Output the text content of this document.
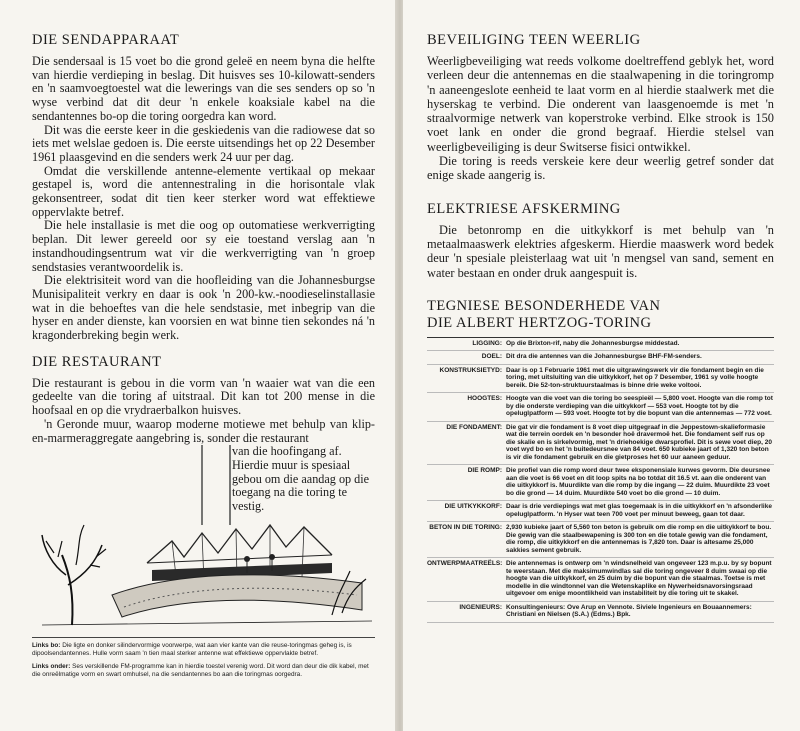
DIE SENDAPPARAAT

Die sendersaal is 15 voet bo die grond geleë en neem byna die helfte van hierdie verdieping in beslag. Dit huisves ses 10-kilowatt-senders en 'n saamvoegtoestel wat die lewerings van die ses senders op so 'n wyse verbind dat dit deur 'n enkele koaksiale kabel na die sendantennes bo-op die toring oorgedra kan word.

Dit was die eerste keer in die geskiedenis van die radiowese dat so iets met welslae gedoen is. Die eerste uitsendings het op 22 Desember 1961 plaasgevind en die senders werk 24 uur per dag.

Omdat die verskillende antenne-elemente vertikaal op mekaar gestapel is, word die antennestraling in die horisontale vlak gekonsentreer, sodat dit tien keer sterker word wat effektiewe oppervlakte betref.

Die hele installasie is met die oog op outomatiese werkverrigting beplan. Dit lewer gereeld oor sy eie toestand verslag aan 'n instandhoudingsentrum wat vir die werkverrigting van 'n groep sendstasies verantwoordelik is.

Die elektrisiteit word van die hoofleiding van die Johannesburgse Munisipaliteit verkry en daar is ook 'n 200-kw.-noodieselinstallasie wat in die behoeftes van die hele sendstasie, met inbegrip van die hyser en ander dienste, kan voorsien en wat binne tien sekondes ná 'n kragonderbreking begin werk.

DIE RESTAURANT

Die restaurant is gebou in die vorm van 'n waaier wat van die een gedeelte van die toring af uitstraal. Dit kan tot 200 mense in die hoofsaal en op die vrydraerbalkon huisves.

'n Geronde muur, waarop moderne motiewe met behulp van klip-en-marmeraggregate aangebring is, sonder die restaurant

van die hoofingang af. Hierdie muur is spesiaal gebou om die aandag op die toegang na die toring te vestig.

Links bo: Die ligte en donker silindervormige voorwerpe, wat aan vier kante van die reuse-toringmas geheg is, is dipoolsendantennes. Hulle vorm saam 'n tien maal sterker antenne wat effektiewe oppervlakte betref.
Links onder: Ses verskillende FM-programme kan in hierdie toestel verenig word. Dit word dan deur die dik kabel, met die onreëlmatige vorm en swart omhulsel, na die sendantennes bo aan die toringmas oorgedra.
BEVEILIGING TEEN WEERLIG

Weerligbeveiliging wat reeds volkome doeltreffend geblyk het, word verleen deur die antennemas en die staalwapening in die toringromp 'n aaneengeslote eenheid te laat vorm en al hierdie staalwerk met die hyserskag te verbind. Die onderent van laasgenoemde is met 'n straalvormige netwerk van koperstroke verbind. Elke strook is 150 voet lank en onder die grond begraaf. Hierdie stelsel van weerligbeveiliging is deur Switserse fisici ontwikkel.

Die toring is reeds verskeie kere deur weerlig getref sonder dat enige skade aangerig is.

ELEKTRIESE AFSKERMING

Die betonromp en die uitkykkorf is met behulp van 'n metaalmaaswerk elektries afgeskerm. Hierdie maaswerk word bedek deur 'n spesiale pleisterlaag wat uit 'n mengsel van sand, sement en water bestaan en onder druk aangespuit is.

TEGNIESE BESONDERHEDE VAN
DIE ALBERT HERTZOG-TORING
LIGGING: Op die Brixton-rif, naby die Johannesburgse middestad.
DOEL: Dit dra die antennes van die Johannesburgse BHF-FM-senders.
KONSTRUKSIETYD: Daar is op 1 Februarie 1961 met die uitgrawingswerk vir die fondament begin en die toring, met uitsluiting van die uitkykkorf, het op 7 Desember, 1961 sy volle hoogte bereik. Die 52-ton-struktuurstaalmas is binne drie weke voltooi.
HOOGTES: Hoogte van die voet van die toring bo seespieël — 5,800 voet. Hoogte van die romp tot by die onderste verdieping van die uitkykkorf — 553 voet. Hoogte tot by die opeluglpatform — 593 voet. Hoogte tot by die bopunt van die antennemas — 772 voet.
DIE FONDAMENT: Die gat vir die fondament is 8 voet diep uitgegraaf in die Jeppestown-skalieformasie wat die terrein oordek en 'n besonder hoë dravermoë het. Die fondament self rus op die skalie en is sirkelvormig, met 'n driehoekige dwarsprofiel. Dit is sewe voet diep, 20 voet wyd bo en het 'n buitedeursnee van 84 voet. 650 kubieke jaart of 1,320 ton beton is vir die fondament gebruik en die gietproses het 60 uur aaneen geduur.
DIE ROMP: Die profiel van die romp word deur twee eksponensiale kurwes gevorm. Die deursnee aan die voet is 66 voet en dit loop spits na bo totdat dit 16.5 vt. aan die onderent van die uitkykkorf is. Muurdikte van die romp by die ingang — 22 duim. Muurdikte 23 voet bo die grond — 14 duim. Muurdikte 540 voet bo die grond — 10 duim.
DIE UITKYKKORF: Daar is drie verdiepings wat met glas toegemaak is in die uitkykkorf en 'n afsonderlike opeluglpatform. 'n Hyser wat teen 700 voet per minuut beweeg, gaan tot daar.
BETON IN DIE TORING: 2,930 kubieke jaart of 5,560 ton beton is gebruik om die romp en die uitkykkorf te bou. Die gewig van die staalbewapening is 300 ton en die totale gewig van die fondament, die romp, die uitkykkorf en die antennemas is 7,820 ton. Daar is altesame 25,000 sakkies sement gebruik.
ONTWERPMAATREËLS: Die antennemas is ontwerp om 'n windsnelheid van ongeveer 123 m.p.u. by sy bopunt te weerstaan. Met die maksimumwindlas sal die toring ongeveer 8 duim swaai op die hoogte van die uitkykkorf, en 25 duim by die bopunt van die staalmas. Toetse is met modelle in die windtonnel van die Wetenskaplike en Nywerheidsnavorsingsraad uitgevoer om enige moontlikheid van instabiliteit by die toring uit te skakel.
INGENIEURS: Konsultingenieurs: Ove Arup en Vennote. Siviele Ingenieurs en Bouaannemers: Christiani en Nielsen (S.A.) (Edms.) Bpk.
